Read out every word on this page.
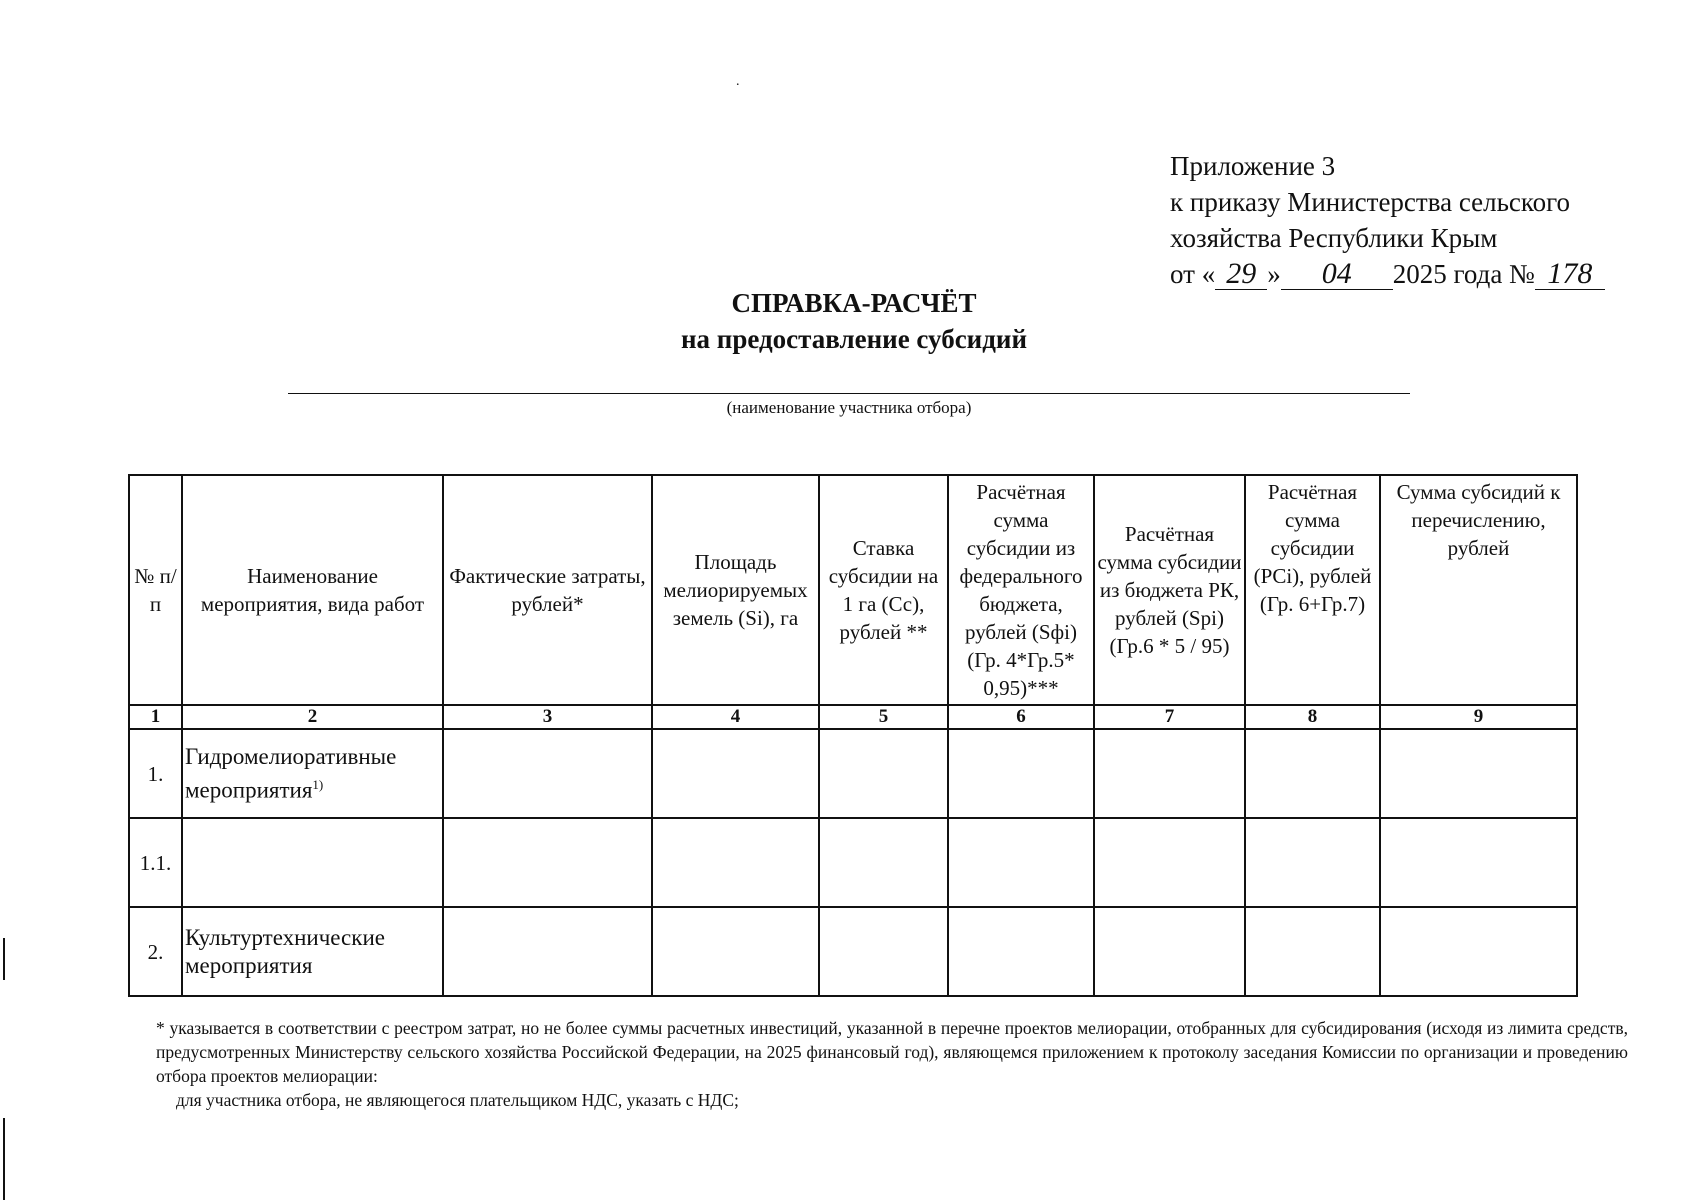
.
Приложение 3
к приказу Министерства сельского
хозяйства Республики Крым
от « 29 » 04 2025 года № 178
СПРАВКА-РАСЧЁТ
на предоставление субсидий
(наименование участника отбора)
№ п/п	Наименование мероприятия, вида работ	Фактические затраты, рублей*	Площадь мелиорируемых земель (Si), га	Ставка субсидии на 1 га (Сс), рублей **	Расчётная сумма субсидии из федерального бюджета, рублей (Sфi) (Гр. 4*Гр.5* 0,95)***	Расчётная сумма субсидии из бюджета РК, рублей (Spi) (Гр.6 * 5 / 95)	Расчётная сумма субсидии (PCi), рублей (Гр. 6+Гр.7)	Сумма субсидий к перечислению, рублей
1	2	3	4	5	6	7	8	9
1.	Гидромелиоративные мероприятия$^{1)}$							
1.1.								
2.	Культуртехнические мероприятия							

* указывается в соответствии с реестром затрат, но не более суммы расчетных инвестиций, указанной в перечне проектов мелиорации, отобранных для субсидирования (исходя из лимита средств, предусмотренных Министерству сельского хозяйства Российской Федерации, на 2025 финансовый год), являющемся приложением к протоколу заседания Комиссии по организации и проведению отбора проектов мелиорации:

для участника отбора, не являющегося плательщиком НДС, указать с НДС;
